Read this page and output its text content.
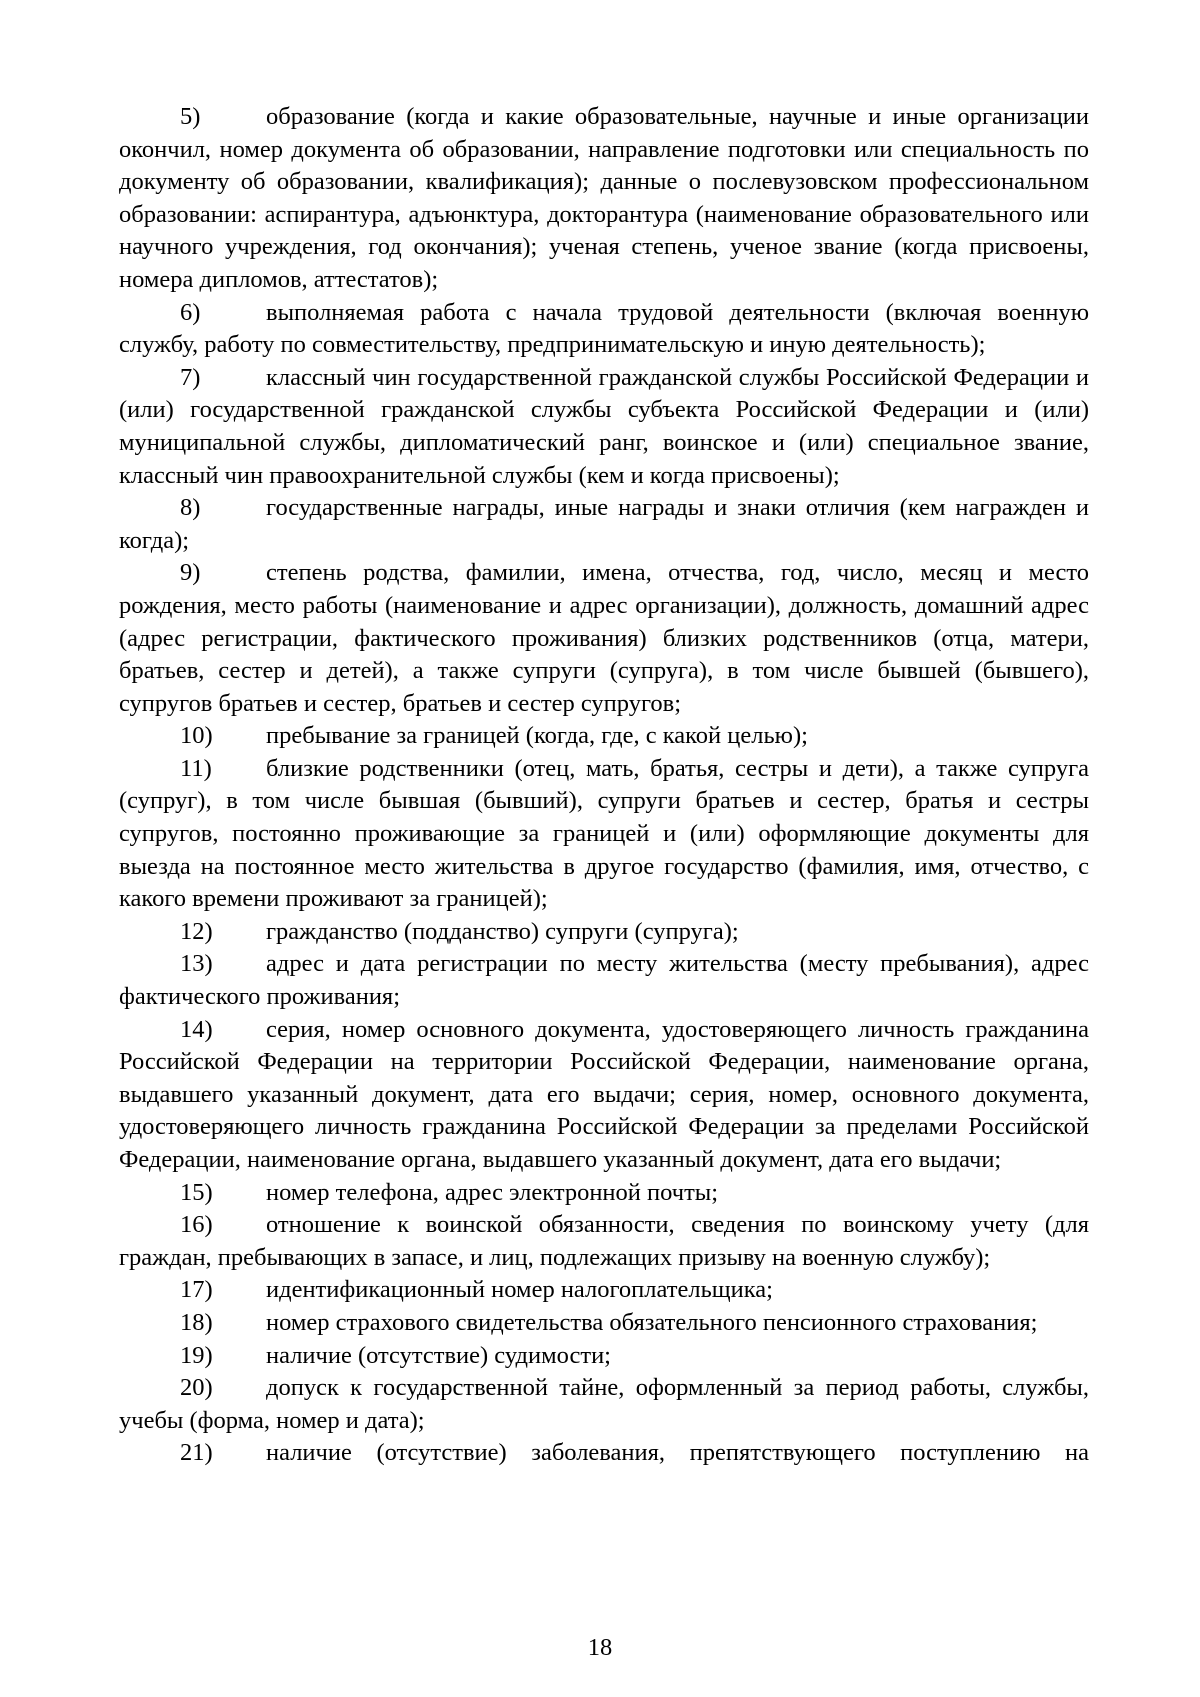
5)	образование (когда и какие образовательные, научные и иные организации окончил, номер документа об образовании, направление подготовки или специальность по документу об образовании, квалификация); данные о послевузовском профессиональном образовании: аспирантура, адъюнктура, докторантура (наименование образовательного или научного учреждения, год окончания); ученая степень, ученое звание (когда присвоены, номера дипломов, аттестатов);

6)	выполняемая работа с начала трудовой деятельности (включая военную службу, работу по совместительству, предпринимательскую и иную деятельность);

7)	классный чин государственной гражданской службы Российской Федерации и (или) государственной гражданской службы субъекта Российской Федерации и (или) муниципальной службы, дипломатический ранг, воинское и (или) специальное звание, классный чин правоохранительной службы (кем и когда присвоены);

8)	государственные награды, иные награды и знаки отличия (кем награжден и когда);

9)	степень родства, фамилии, имена, отчества, год, число, месяц и место рождения, место работы (наименование и адрес организации), должность, домашний адрес (адрес регистрации, фактического проживания) близких родственников (отца, матери, братьев, сестер и детей), а также супруги (супруга), в том числе бывшей (бывшего), супругов братьев и сестер, братьев и сестер супругов;

10) пребывание за границей (когда, где, с какой целью);

11) близкие родственники (отец, мать, братья, сестры и дети), а также супруга (супруг), в том числе бывшая (бывший), супруги братьев и сестер, братья и сестры супругов, постоянно проживающие за границей и (или) оформляющие документы для выезда на постоянное место жительства в другое государство (фамилия, имя, отчество, с какого времени проживают за границей);

12) гражданство (подданство) супруги (супруга);

13) адрес и дата регистрации по месту жительства (месту пребывания), адрес фактического проживания;

14) серия, номер основного документа, удостоверяющего личность гражданина Российской Федерации на территории Российской Федерации, наименование органа, выдавшего указанный документ, дата его выдачи; серия, номер, основного документа, удостоверяющего личность гражданина Российской Федерации за пределами Российской Федерации, наименование органа, выдавшего указанный документ, дата его выдачи;

15) номер телефона, адрес электронной почты;

16) отношение к воинской обязанности, сведения по воинскому учету (для граждан, пребывающих в запасе, и лиц, подлежащих призыву на военную службу);

17) идентификационный номер налогоплательщика;

18) номер страхового свидетельства обязательного пенсионного страхования;

19) наличие (отсутствие) судимости;

20) допуск к государственной тайне, оформленный за период работы, службы, учебы (форма, номер и дата);

21) наличие (отсутствие) заболевания, препятствующего поступлению на

18
